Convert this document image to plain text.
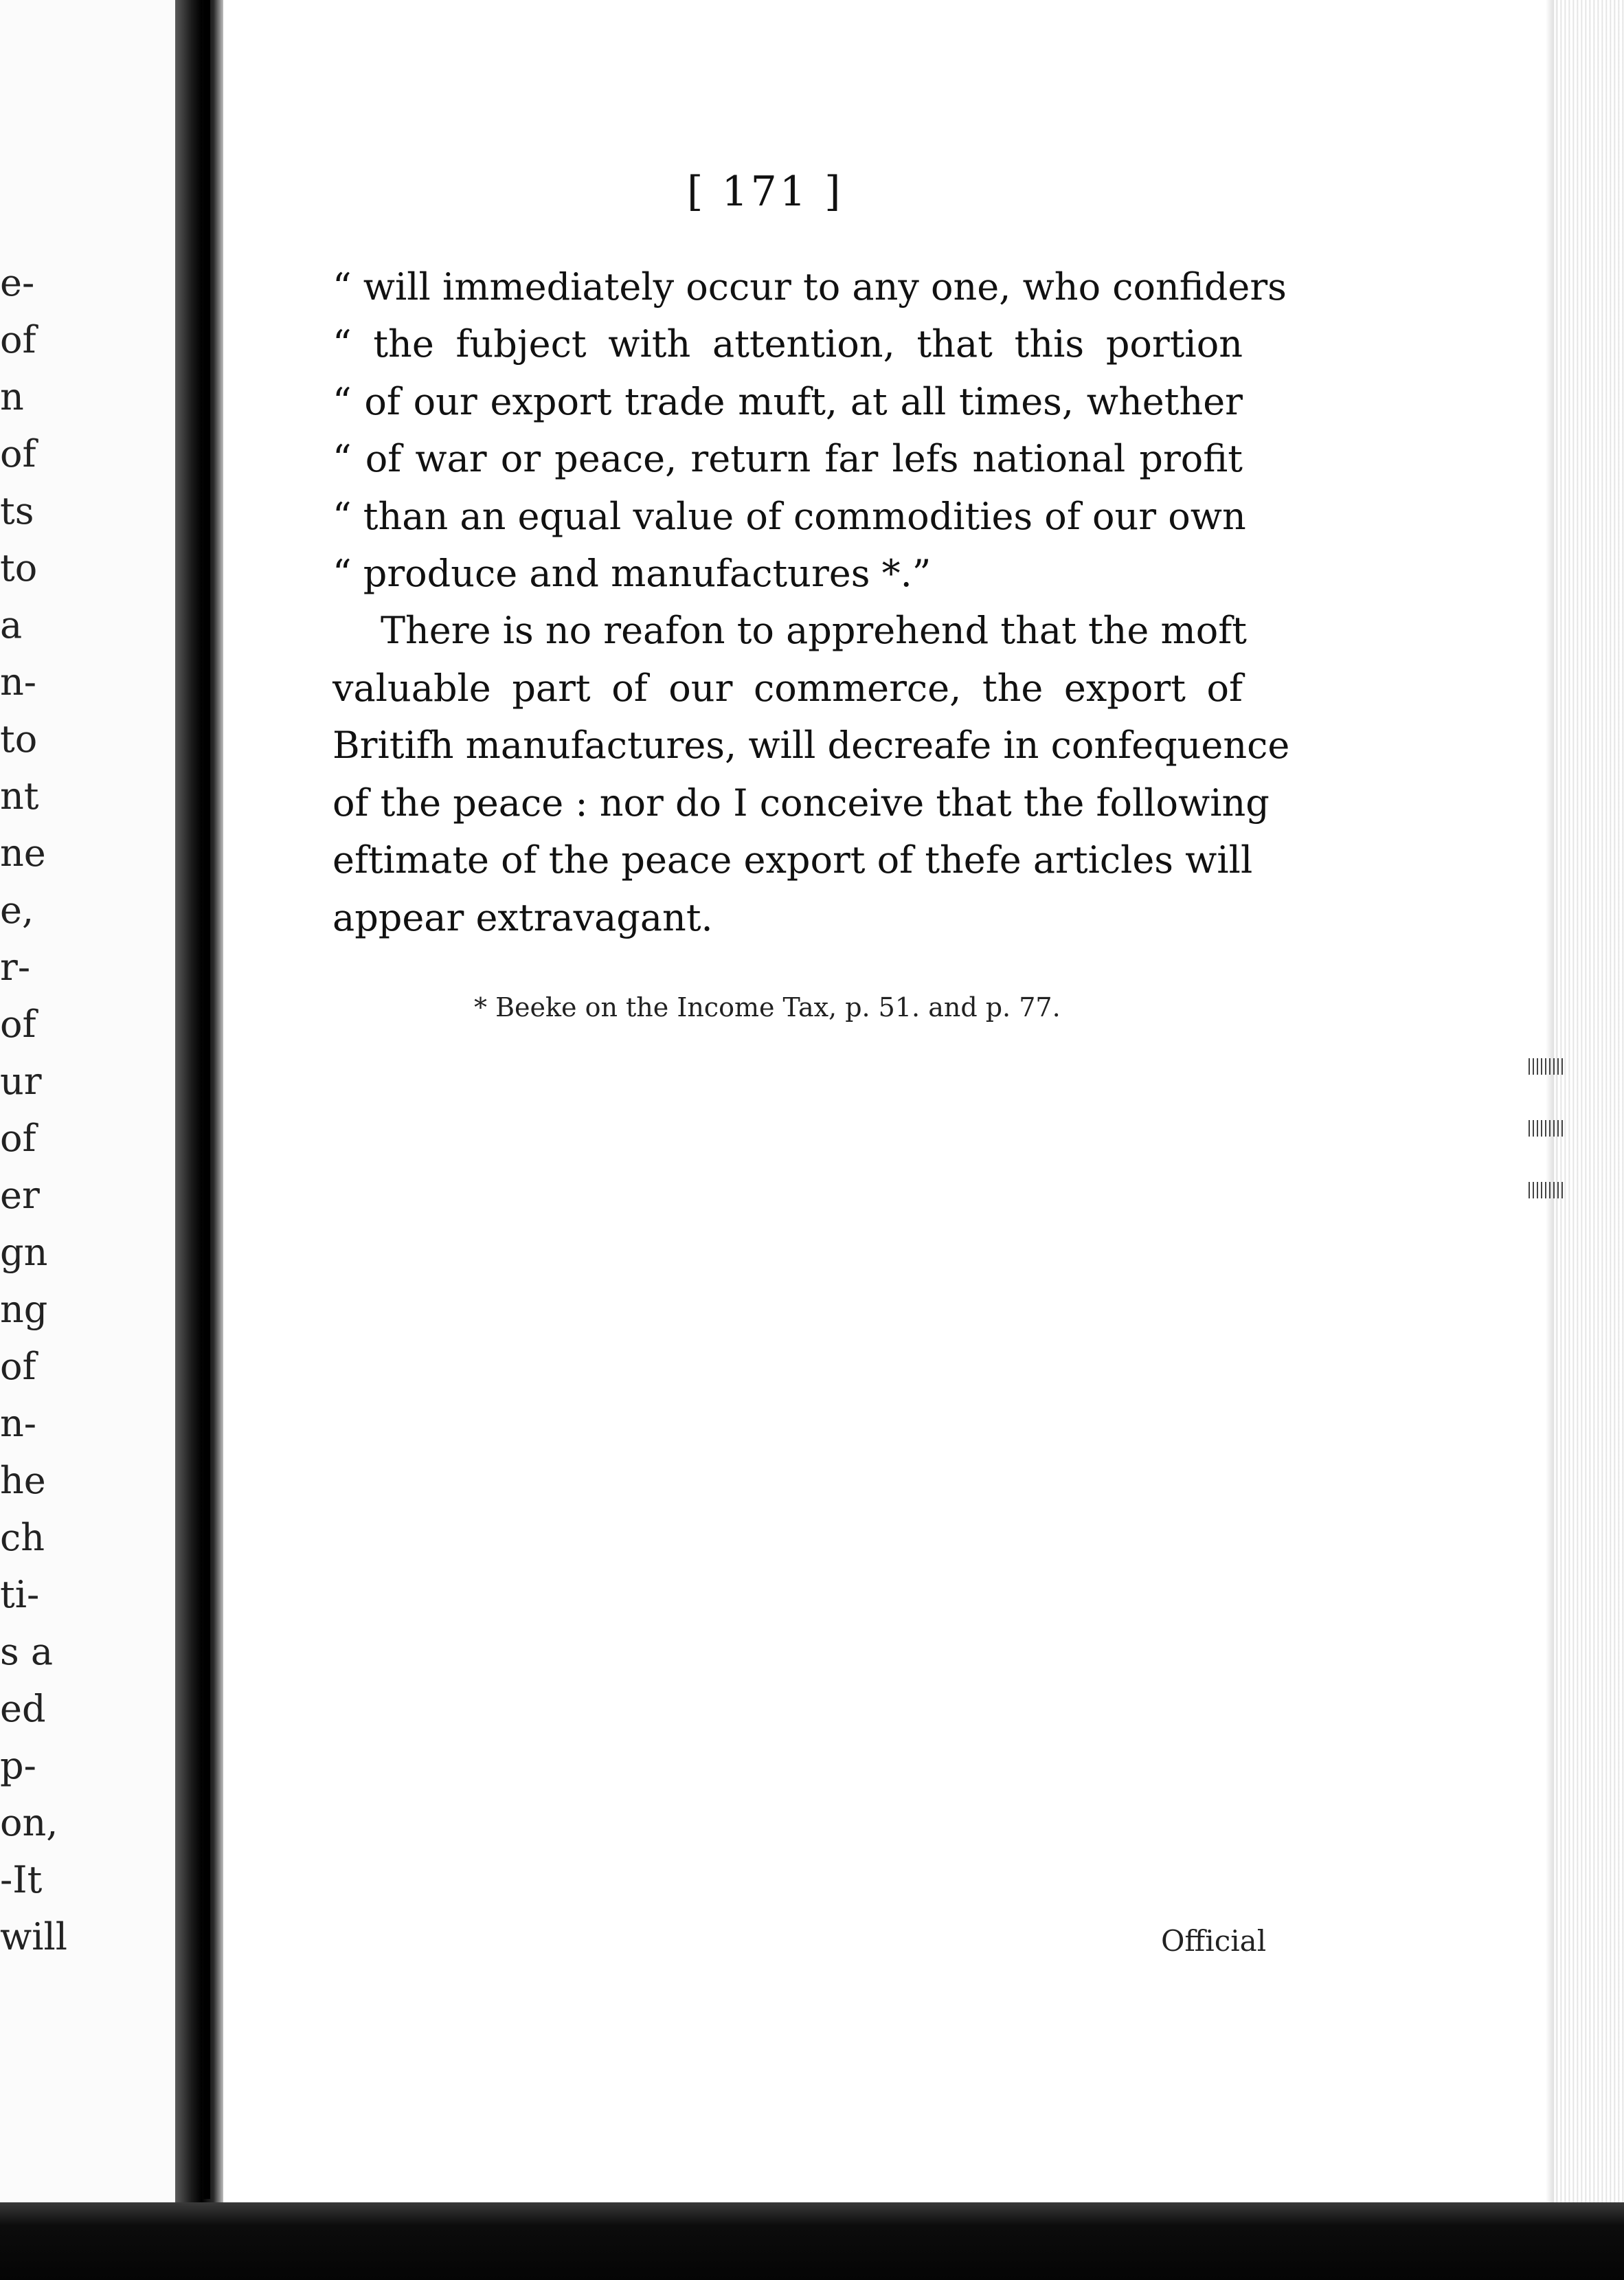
e-
of
n
of
ts
to
a
n-
to
nt
ne
e,
r-
of
ur
of
er
gn
ng
of
n-
he
ch
ti-
s a
ed
p-
on,
-It
will
[ 171 ]
“ will immediately occur to any one, who confiders
“ the fubject with attention, that this portion
“ of our export trade muft, at all times, whether
“ of war or peace, return far lefs national profit
“ than an equal value of commodities of our own
“ produce and manufactures *.”
There is no reafon to apprehend that the moft
valuable part of our commerce, the export of
Britifh manufactures, will decreafe in confequence
of the peace : nor do I conceive that the following
eftimate of the peace export of thefe articles will
appear extravagant.
* Beeke on the Income Tax, p. 51. and p. 77.
Official
